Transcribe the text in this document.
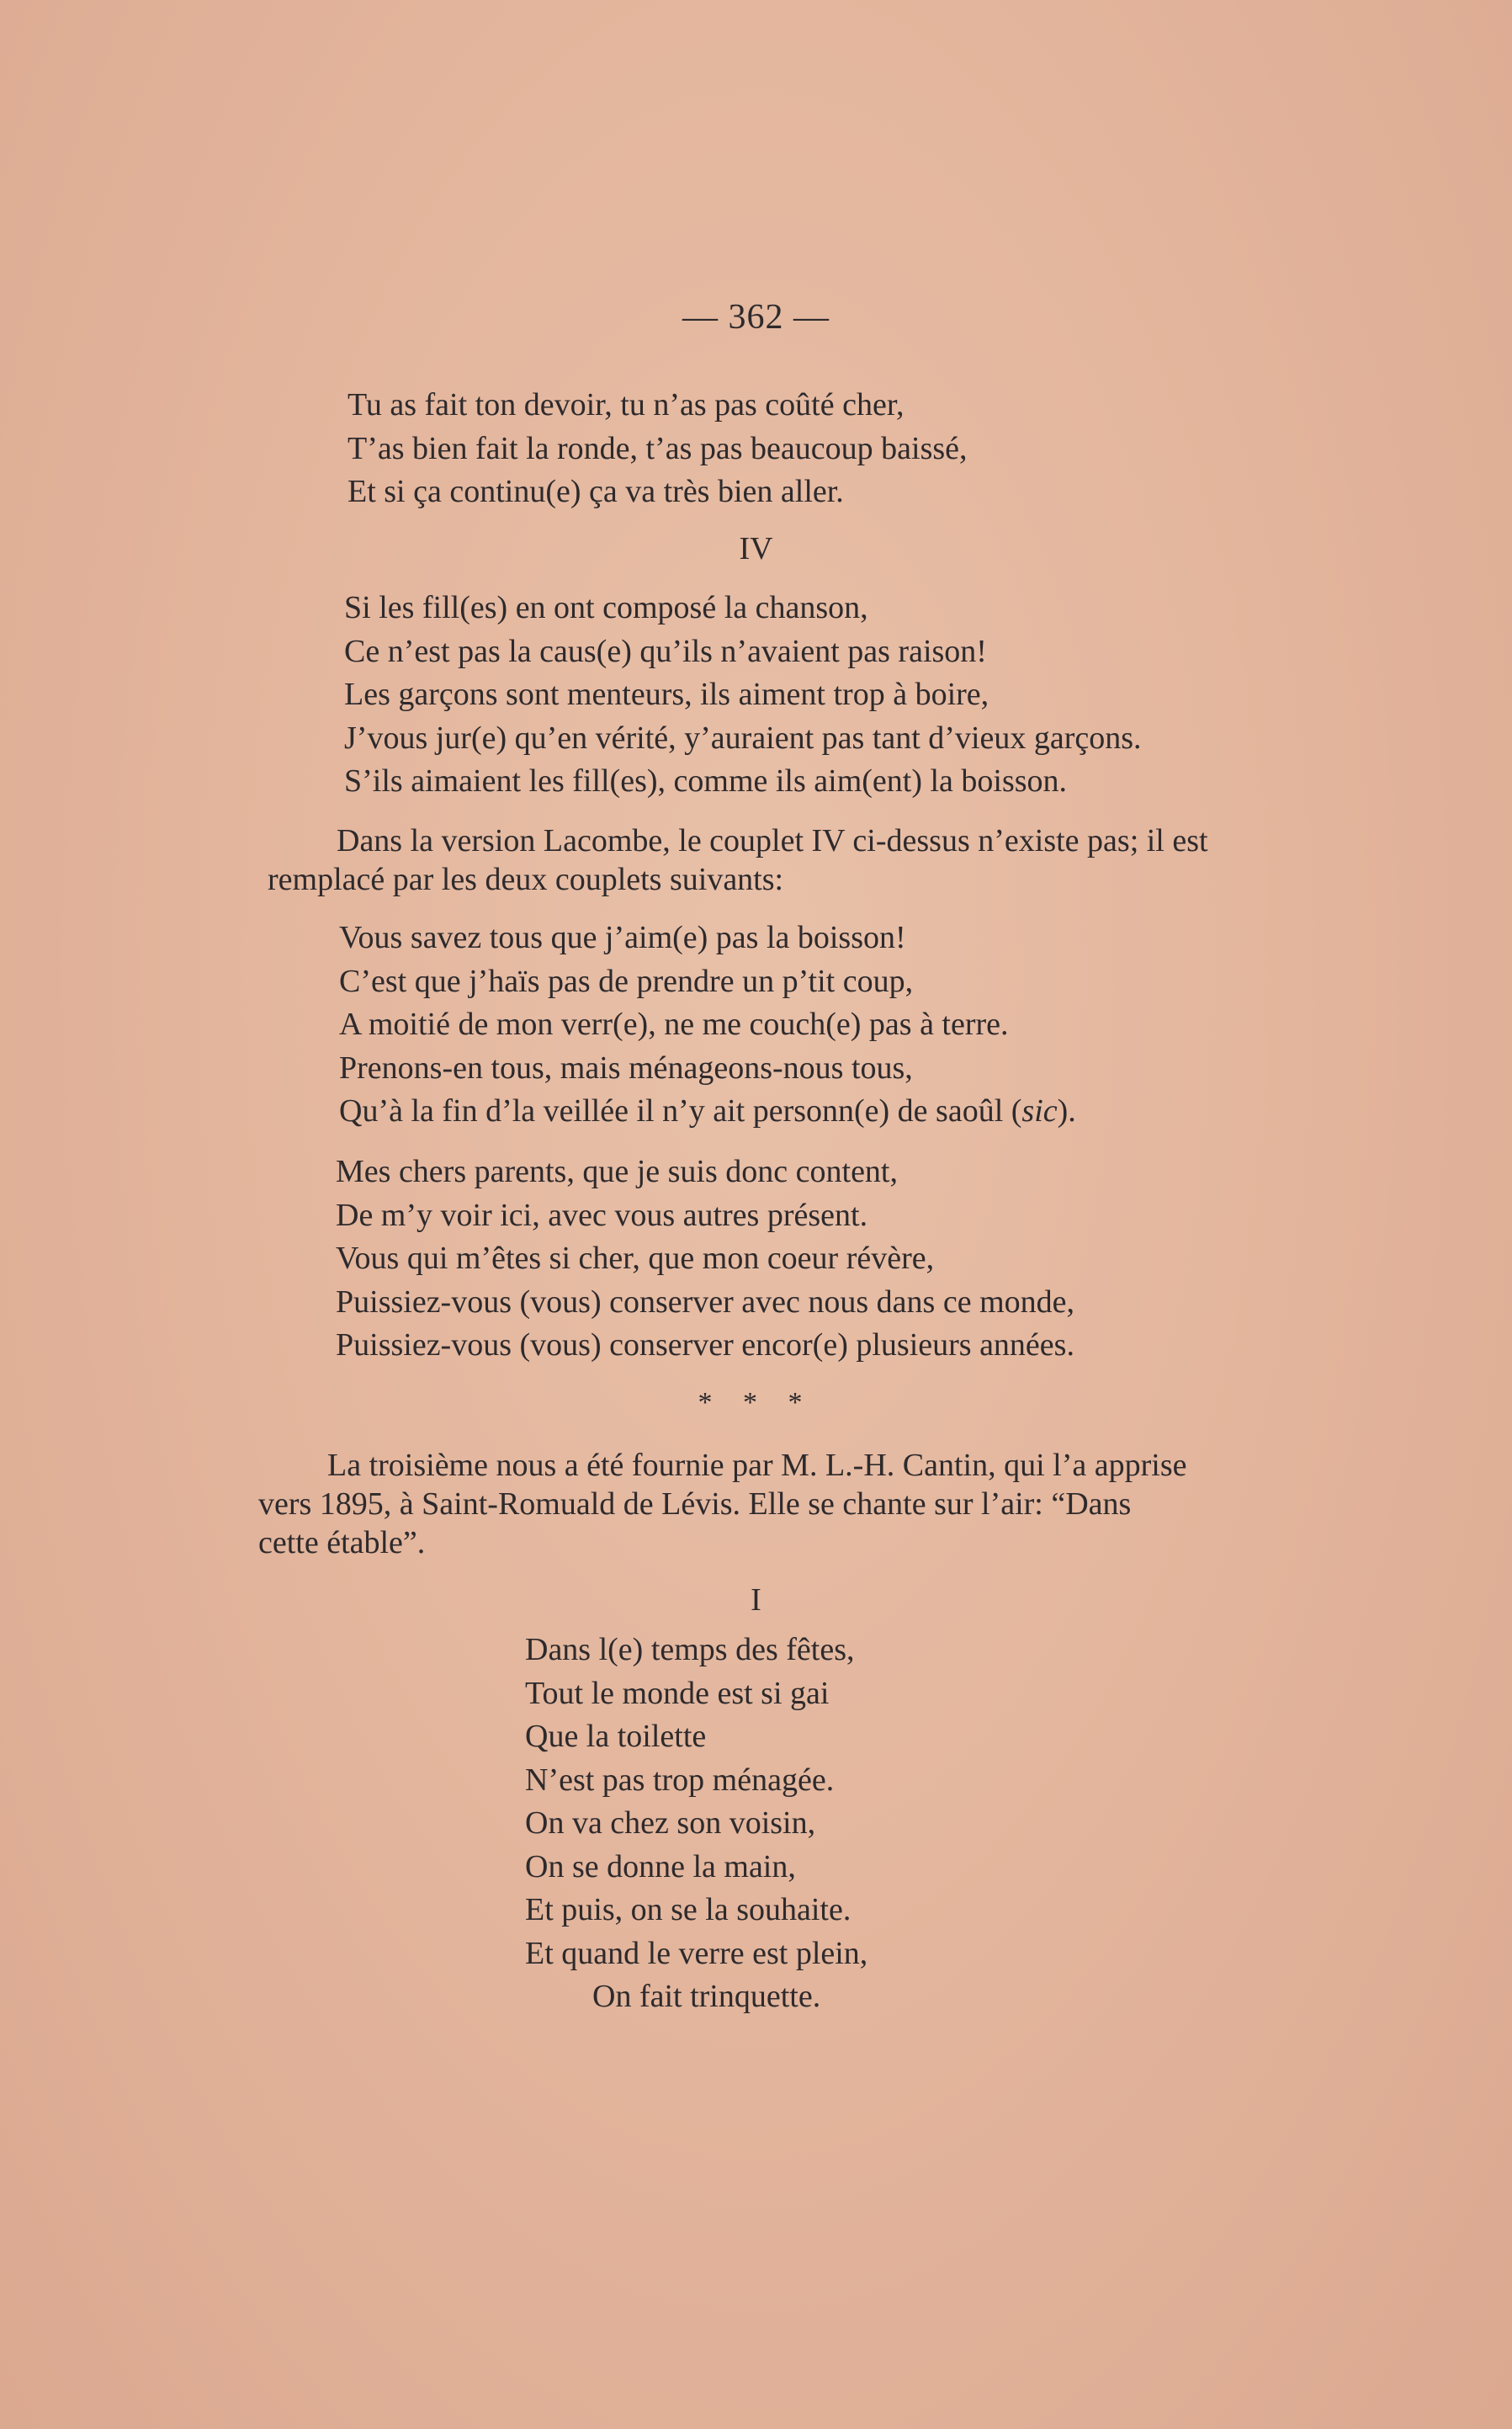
— 362 —
Tu as fait ton devoir, tu n’as pas coûté cher,
T’as bien fait la ronde, t’as pas beaucoup baissé,
Et si ça continu(e) ça va très bien aller.
IV
Si les fill(es) en ont composé la chanson,
Ce n’est pas la caus(e) qu’ils n’avaient pas raison!
Les garçons sont menteurs, ils aiment trop à boire,
J’vous jur(e) qu’en vérité, y’auraient pas tant d’vieux garçons.
S’ils aimaient les fill(es), comme ils aim(ent) la boisson.
Dans la version Lacombe, le couplet IV ci-dessus n’existe pas; il est
remplacé par les deux couplets suivants:
Vous savez tous que j’aim(e) pas la boisson!
C’est que j’haïs pas de prendre un p’tit coup,
A moitié de mon verr(e), ne me couch(e) pas à terre.
Prenons-en tous, mais ménageons-nous tous,
Qu’à la fin d’la veillée il n’y ait personn(e) de saoûl (sic).
Mes chers parents, que je suis donc content,
De m’y voir ici, avec vous autres présent.
Vous qui m’êtes si cher, que mon coeur révère,
Puissiez-vous (vous) conserver avec nous dans ce monde,
Puissiez-vous (vous) conserver encor(e) plusieurs années.
* * *
La troisième nous a été fournie par M. L.-H. Cantin, qui l’a apprise
vers 1895, à Saint-Romuald de Lévis. Elle se chante sur l’air: “Dans
cette étable”.
I
Dans l(e) temps des fêtes,
Tout le monde est si gai
Que la toilette
N’est pas trop ménagée.
On va chez son voisin,
On se donne la main,
Et puis, on se la souhaite.
Et quand le verre est plein,
On fait trinquette.
